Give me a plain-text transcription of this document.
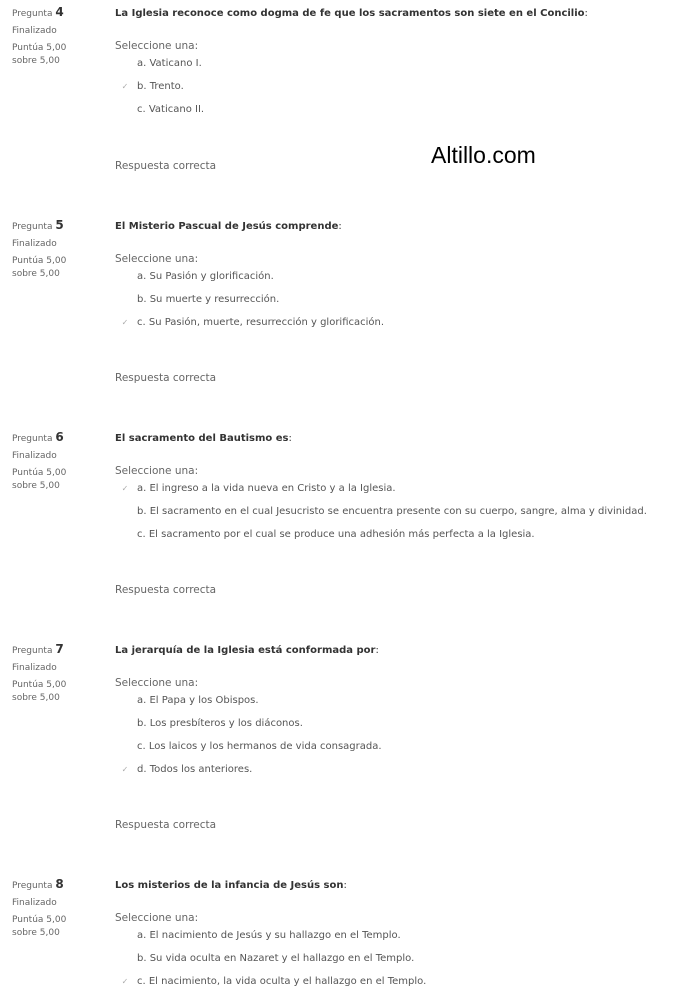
Pregunta 4
Finalizado
Puntúa 5,00 sobre 5,00
La Iglesia reconoce como dogma de fe que los sacramentos son siete en el Concilio:
Seleccione una:
a. Vaticano I.
✓ b. Trento.
c. Vaticano II.
Respuesta correcta
Pregunta 5
Finalizado
Puntúa 5,00 sobre 5,00
El Misterio Pascual de Jesús comprende:
Seleccione una:
a. Su Pasión y glorificación.
b. Su muerte y resurrección.
✓ c. Su Pasión, muerte, resurrección y glorificación.
Respuesta correcta
Pregunta 6
Finalizado
Puntúa 5,00 sobre 5,00
El sacramento del Bautismo es:
Seleccione una:
✓ a. El ingreso a la vida nueva en Cristo y a la Iglesia.
b. El sacramento en el cual Jesucristo se encuentra presente con su cuerpo, sangre, alma y divinidad.
c. El sacramento por el cual se produce una adhesión más perfecta a la Iglesia.
Respuesta correcta
Pregunta 7
Finalizado
Puntúa 5,00 sobre 5,00
La jerarquía de la Iglesia está conformada por:
Seleccione una:
a. El Papa y los Obispos.
b. Los presbíteros y los diáconos.
c. Los laicos y los hermanos de vida consagrada.
✓ d. Todos los anteriores.
Respuesta correcta
Pregunta 8
Finalizado
Puntúa 5,00 sobre 5,00
Los misterios de la infancia de Jesús son:
Seleccione una:
a. El nacimiento de Jesús y su hallazgo en el Templo.
b. Su vida oculta en Nazaret y el hallazgo en el Templo.
✓ c. El nacimiento, la vida oculta y el hallazgo en el Templo.
Altillo.com
